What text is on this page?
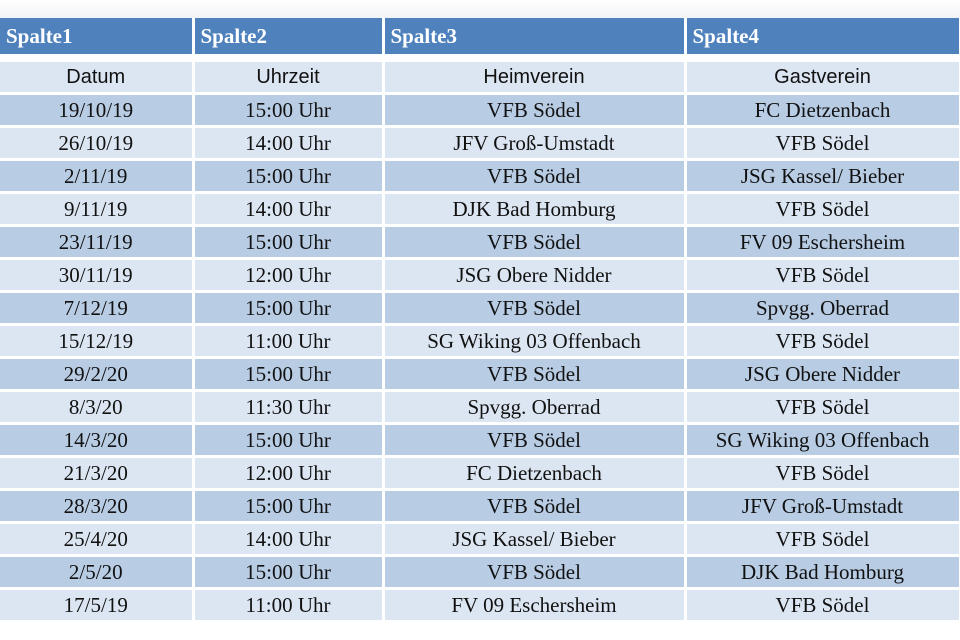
Spalte1	Spalte2	Spalte3	Spalte4
Datum	Uhrzeit	Heimverein	Gastverein
19/10/19	15:00 Uhr	VFB Södel	FC Dietzenbach
26/10/19	14:00 Uhr	JFV Groß-Umstadt	VFB Södel
2/11/19	15:00 Uhr	VFB Södel	JSG Kassel/ Bieber
9/11/19	14:00 Uhr	DJK Bad Homburg	VFB Södel
23/11/19	15:00 Uhr	VFB Södel	FV 09 Eschersheim
30/11/19	12:00 Uhr	JSG Obere Nidder	VFB Södel
7/12/19	15:00 Uhr	VFB Södel	Spvgg. Oberrad
15/12/19	11:00 Uhr	SG Wiking 03 Offenbach	VFB Södel
29/2/20	15:00 Uhr	VFB Södel	JSG Obere Nidder
8/3/20	11:30 Uhr	Spvgg. Oberrad	VFB Södel
14/3/20	15:00 Uhr	VFB Södel	SG Wiking 03 Offenbach
21/3/20	12:00 Uhr	FC Dietzenbach	VFB Södel
28/3/20	15:00 Uhr	VFB Södel	JFV Groß-Umstadt
25/4/20	14:00 Uhr	JSG Kassel/ Bieber	VFB Södel
2/5/20	15:00 Uhr	VFB Södel	DJK Bad Homburg
17/5/19	11:00 Uhr	FV 09 Eschersheim	VFB Södel
